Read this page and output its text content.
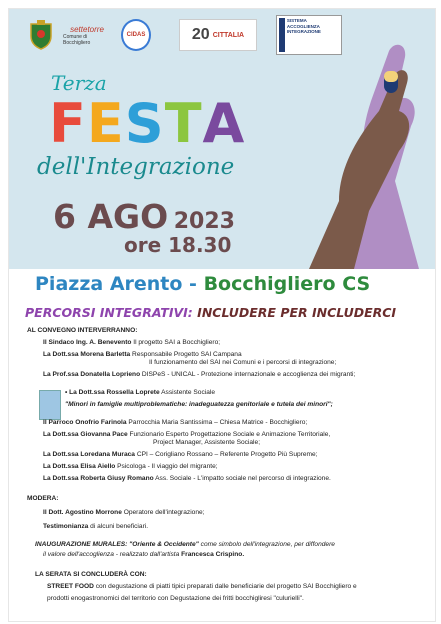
settetorre
Comune di Bocchigliero
CIDAS	20 CITTALIA
SISTEMA ACCOGLIENZA INTEGRAZIONE
Terza
FESTA
dell'Integrazione
6 AGO 2023
ore 18.30
Piazza Arento - Bocchigliero CS
PERCORSI INTEGRATIVI: INCLUDERE PER INCLUDERCI
AL CONVEGNO INTERVERRANNO:
Il Sindaco Ing. A. Benevento Il progetto SAI a Bocchigliero;
La Dott.ssa Morena Barletta Responsabile Progetto SAI Campana
Il funzionamento del SAI nei Comuni e i percorsi di integrazione;
La Prof.ssa Donatella Loprieno DISPeS - UNICAL - Protezione internazionale e accoglienza dei migranti;
• La Dott.ssa Rossella Loprete Assistente Sociale
"Minori in famiglie multiproblematiche: inadeguatezza genitoriale e tutela dei minori";
Il Parroco Onofrio Farinola Parrocchia Maria Santissima – Chiesa Matrice - Bocchigliero;
La Dott.ssa Giovanna Pace Funzionario Esperto Progettazione Sociale e Animazione Territoriale,
Project Manager, Assistente Sociale;
La Dott.ssa Loredana Muraca CPI – Corigliano Rossano – Referente Progetto Più Supreme;
La Dott.ssa Elisa Aiello Psicologa - Il viaggio del migrante;
La Dott.ssa Roberta Giusy Romano Ass. Sociale - L'impatto sociale nel percorso di integrazione.
MODERA:
Il Dott. Agostino Morrone Operatore dell'integrazione;
Testimonianza di alcuni beneficiari.
INAUGURAZIONE MURALES: "Oriente & Occidente" come simbolo dell'integrazione, per diffondere
il valore dell'accoglienza - realizzato dall'artista Francesca Crispino.
LA SERATA SI CONCLUDERÀ CON:
STREET FOOD con degustazione di piatti tipici preparati dalle beneficiarie del progetto SAI Bocchigliero e
prodotti enogastronomici del territorio con Degustazione dei fritti bocchigliresi "culurielli".
